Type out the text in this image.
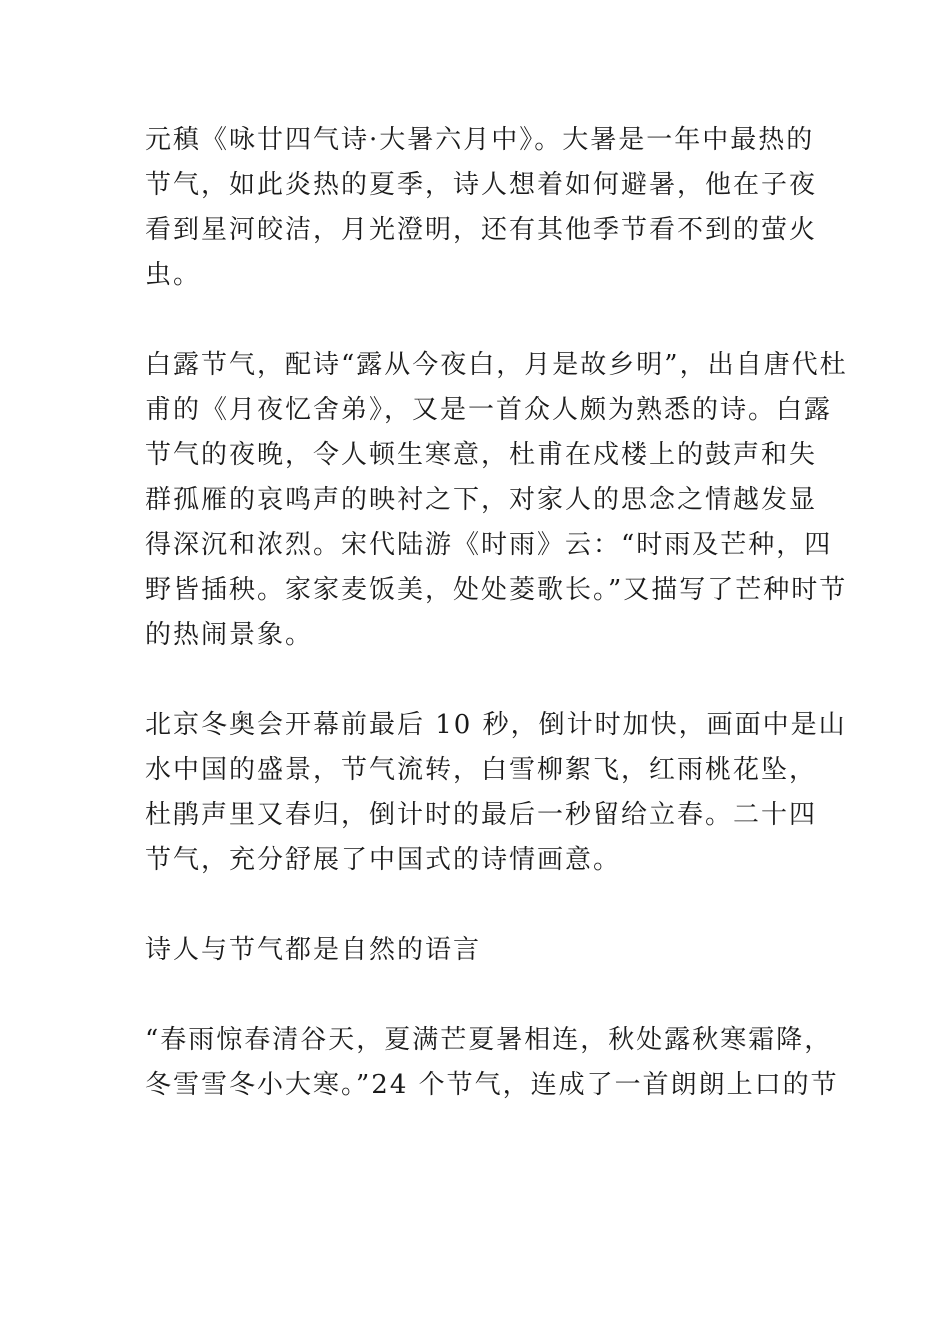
元稹《咏廿四气诗·大暑六月中》。大暑是一年中最热的
节气，如此炎热的夏季，诗人想着如何避暑，他在子夜
看到星河皎洁，月光澄明，还有其他季节看不到的萤火
虫。
白露节气，配诗“露从今夜白，月是故乡明”，出自唐代杜
甫的《月夜忆舍弟》，又是一首众人颇为熟悉的诗。白露
节气的夜晚，令人顿生寒意，杜甫在戍楼上的鼓声和失
群孤雁的哀鸣声的映衬之下，对家人的思念之情越发显
得深沉和浓烈。宋代陆游《时雨》云：“时雨及芒种，四
野皆插秧。家家麦饭美，处处菱歌长。”又描写了芒种时节
的热闹景象。
北京冬奥会开幕前最后 10 秒，倒计时加快，画面中是山
水中国的盛景，节气流转，白雪柳絮飞，红雨桃花坠，
杜鹃声里又春归，倒计时的最后一秒留给立春。二十四
节气，充分舒展了中国式的诗情画意。
诗人与节气都是自然的语言
“春雨惊春清谷天，夏满芒夏暑相连，秋处露秋寒霜降，
冬雪雪冬小大寒。”24 个节气，连成了一首朗朗上口的节
